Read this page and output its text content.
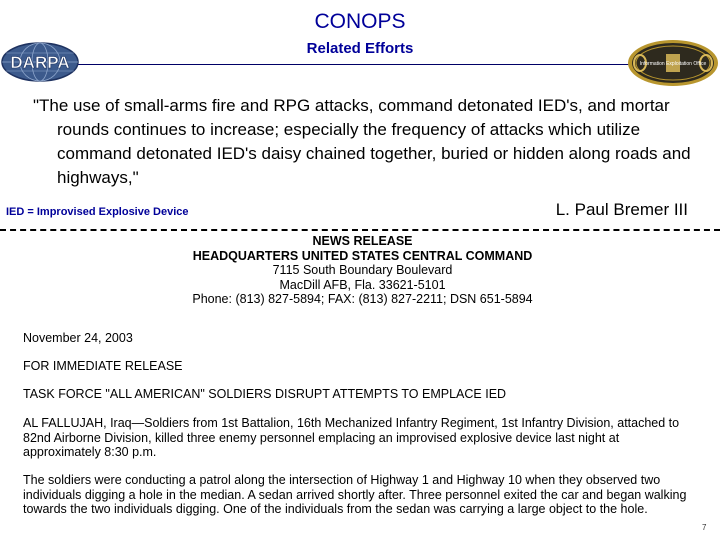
CONOPS
Related Efforts
DARPA	Information Exploitation Office
"The use of small-arms fire and RPG attacks, command detonated IED's, and mortar rounds continues to increase; especially the frequency of attacks which utilize command detonated IED's daisy chained together, buried or hidden along roads and highways,"
IED = Improvised Explosive Device	L. Paul Bremer III
NEWS RELEASE
HEADQUARTERS UNITED STATES CENTRAL COMMAND
7115 South Boundary Boulevard
MacDill AFB, Fla. 33621-5101
Phone: (813) 827-5894; FAX: (813) 827-2211; DSN 651-5894
November 24, 2003
FOR IMMEDIATE RELEASE
TASK FORCE "ALL AMERICAN" SOLDIERS DISRUPT ATTEMPTS TO EMPLACE IED
AL FALLUJAH, Iraq—Soldiers from 1st Battalion, 16th Mechanized Infantry Regiment, 1st Infantry Division, attached to 82nd Airborne Division, killed three enemy personnel emplacing an improvised explosive device last night at approximately 8:30 p.m.
The soldiers were conducting a patrol along the intersection of Highway 1 and Highway 10 when they observed two individuals digging a hole in the median. A sedan arrived shortly after. Three personnel exited the car and began walking towards the two individuals digging. One of the individuals from the sedan was carrying a large object to the hole.
7
